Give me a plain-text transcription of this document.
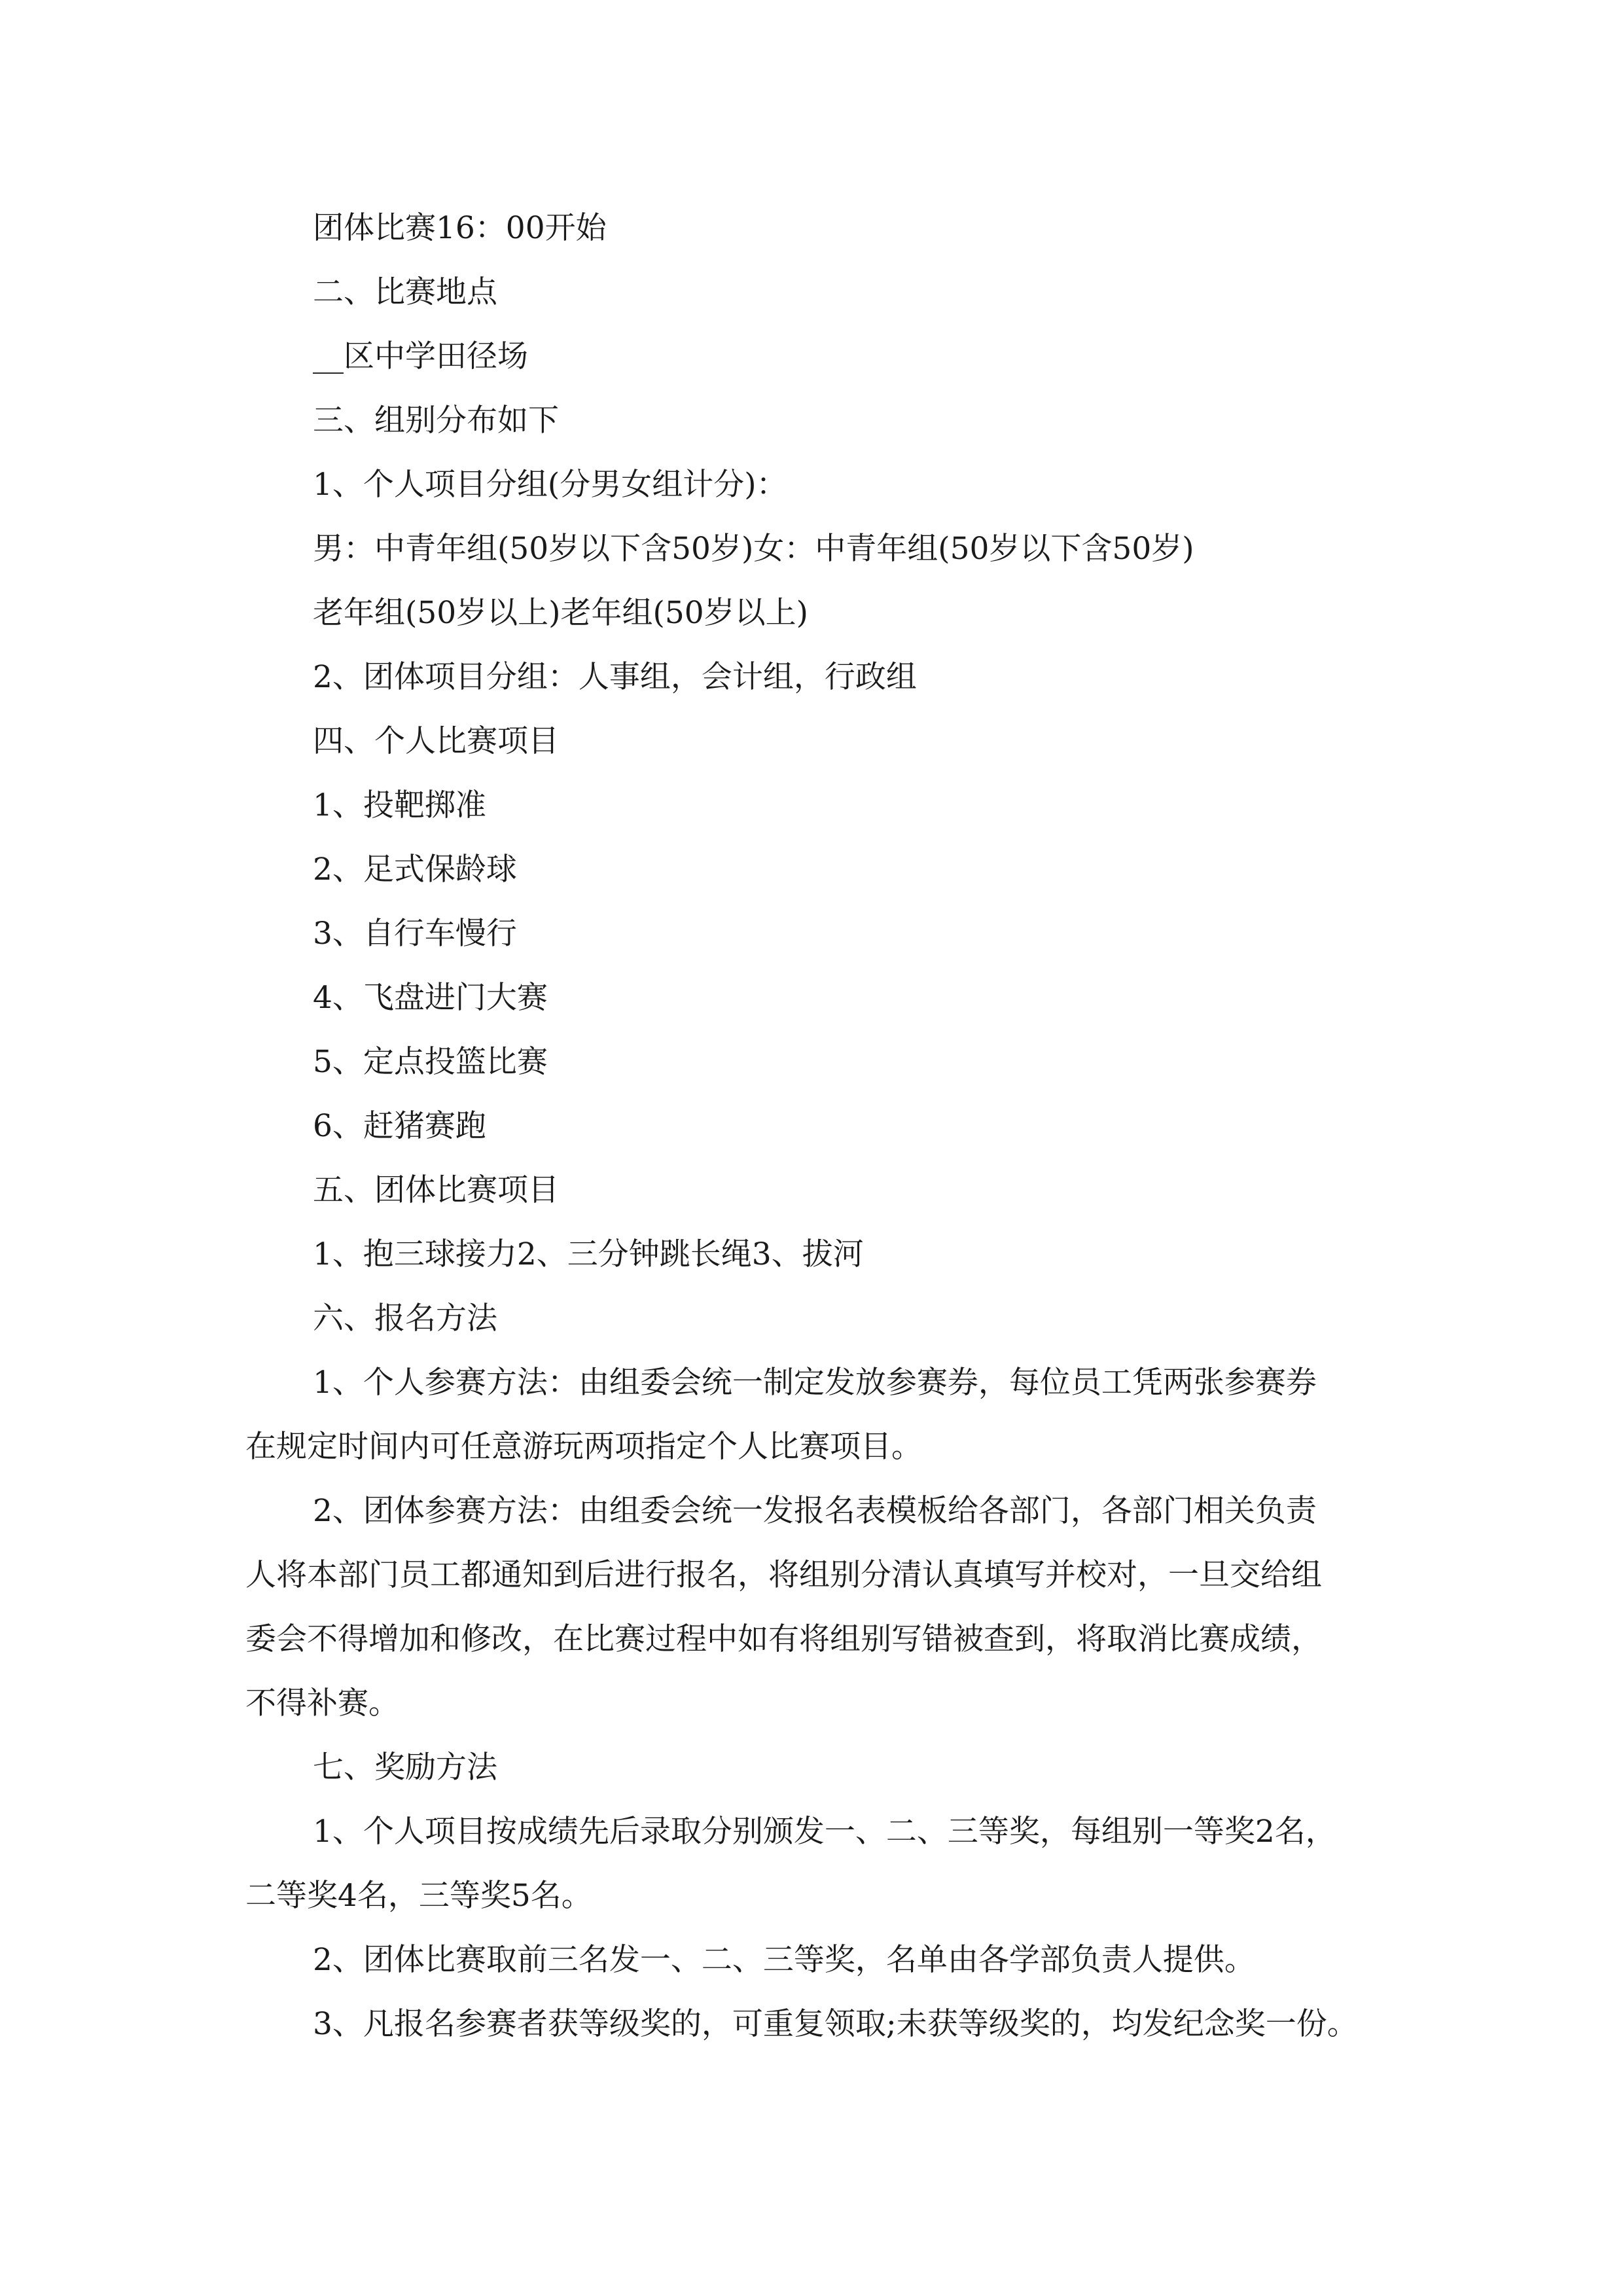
团体比赛16：00开始
二、比赛地点
__区中学田径场
三、组别分布如下
1、个人项目分组(分男女组计分)：
男：中青年组(50岁以下含50岁)女：中青年组(50岁以下含50岁)
老年组(50岁以上)老年组(50岁以上)
2、团体项目分组：人事组，会计组，行政组
四、个人比赛项目
1、投靶掷准
2、足式保龄球
3、自行车慢行
4、飞盘进门大赛
5、定点投篮比赛
6、赶猪赛跑
五、团体比赛项目
1、抱三球接力2、三分钟跳长绳3、拔河
六、报名方法
1、个人参赛方法：由组委会统一制定发放参赛券，每位员工凭两张参赛券
在规定时间内可任意游玩两项指定个人比赛项目。
2、团体参赛方法：由组委会统一发报名表模板给各部门，各部门相关负责
人将本部门员工都通知到后进行报名，将组别分清认真填写并校对，一旦交给组
委会不得增加和修改，在比赛过程中如有将组别写错被查到，将取消比赛成绩，
不得补赛。
七、奖励方法
1、个人项目按成绩先后录取分别颁发一、二、三等奖，每组别一等奖2名，
二等奖4名，三等奖5名。
2、团体比赛取前三名发一、二、三等奖，名单由各学部负责人提供。
3、凡报名参赛者获等级奖的，可重复领取;未获等级奖的，均发纪念奖一份。
